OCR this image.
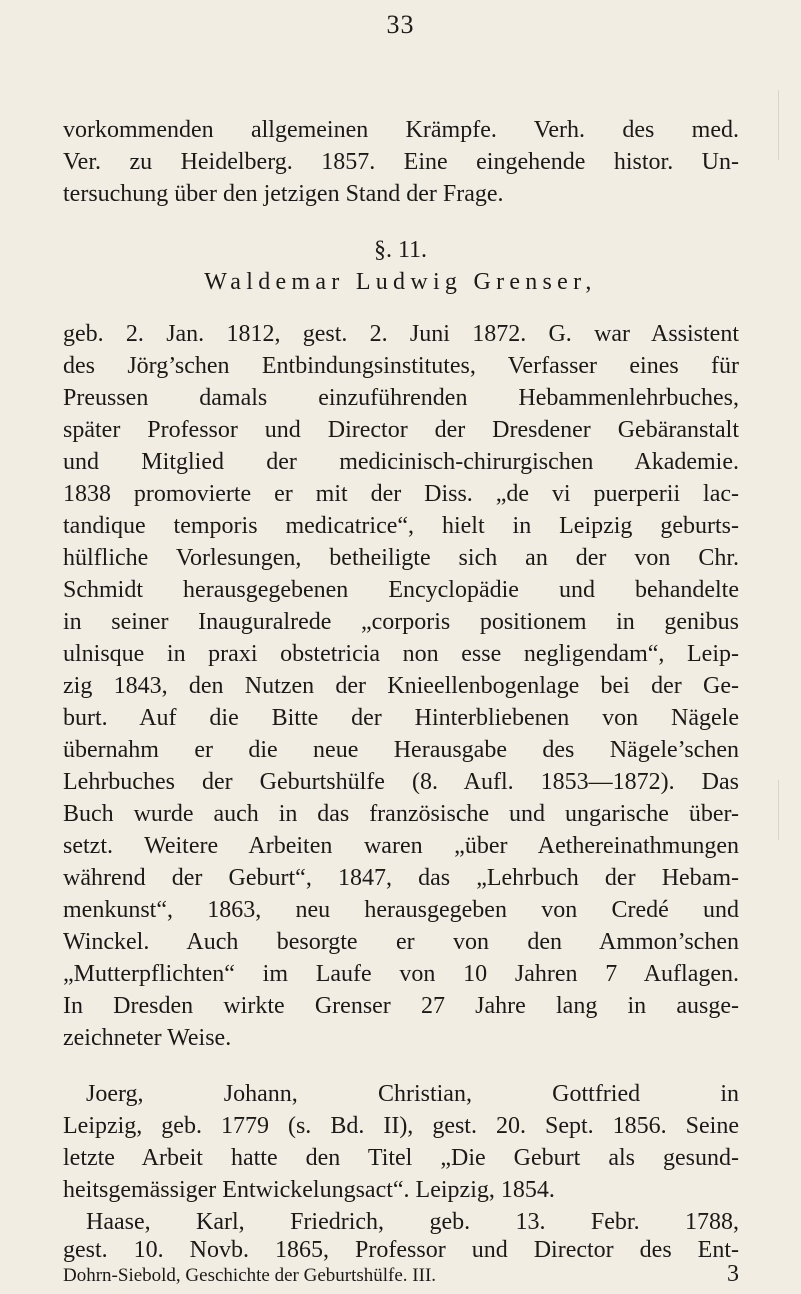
33

vorkommenden allgemeinen Krämpfe. Verh. des med.

Ver. zu Heidelberg. 1857. Eine eingehende histor. Un-

tersuchung über den jetzigen Stand der Frage.

§. 11.

Waldemar Ludwig Grenser,

geb. 2. Jan. 1812, gest. 2. Juni 1872. G. war Assistent

des Jörg’schen Entbindungsinstitutes, Verfasser eines für

Preussen damals einzuführenden Hebammenlehrbuches,

später Professor und Director der Dresdener Gebäranstalt

und Mitglied der medicinisch-chirurgischen Akademie.

1838 promovierte er mit der Diss. „de vi puerperii lac-

tandique temporis medicatrice“, hielt in Leipzig geburts-

hülfliche Vorlesungen, betheiligte sich an der von Chr.

Schmidt herausgegebenen Encyclopädie und behandelte

in seiner Inauguralrede „corporis positionem in genibus

ulnisque in praxi obstetricia non esse negligendam“, Leip-

zig 1843, den Nutzen der Knieellenbogenlage bei der Ge-

burt. Auf die Bitte der Hinterbliebenen von Nägele

übernahm er die neue Herausgabe des Nägele’schen

Lehrbuches der Geburtshülfe (8. Aufl. 1853—1872). Das

Buch wurde auch in das französische und ungarische über-

setzt. Weitere Arbeiten waren „über Aethereinathmungen

während der Geburt“, 1847, das „Lehrbuch der Hebam-

menkunst“, 1863, neu herausgegeben von Credé und

Winckel. Auch besorgte er von den Ammon’schen

„Mutterpflichten“ im Laufe von 10 Jahren 7 Auflagen.

In Dresden wirkte Grenser 27 Jahre lang in ausge-

zeichneter Weise.

Joerg, Johann, Christian, Gottfried in

Leipzig, geb. 1779 (s. Bd. II), gest. 20. Sept. 1856. Seine

letzte Arbeit hatte den Titel „Die Geburt als gesund-

heitsgemässiger Entwickelungsact“. Leipzig, 1854.

Haase, Karl, Friedrich, geb. 13. Febr. 1788,

gest. 10. Novb. 1865, Professor und Director des Ent-

Dohrn-Siebold, Geschichte der Geburtshülfe. III.	3
